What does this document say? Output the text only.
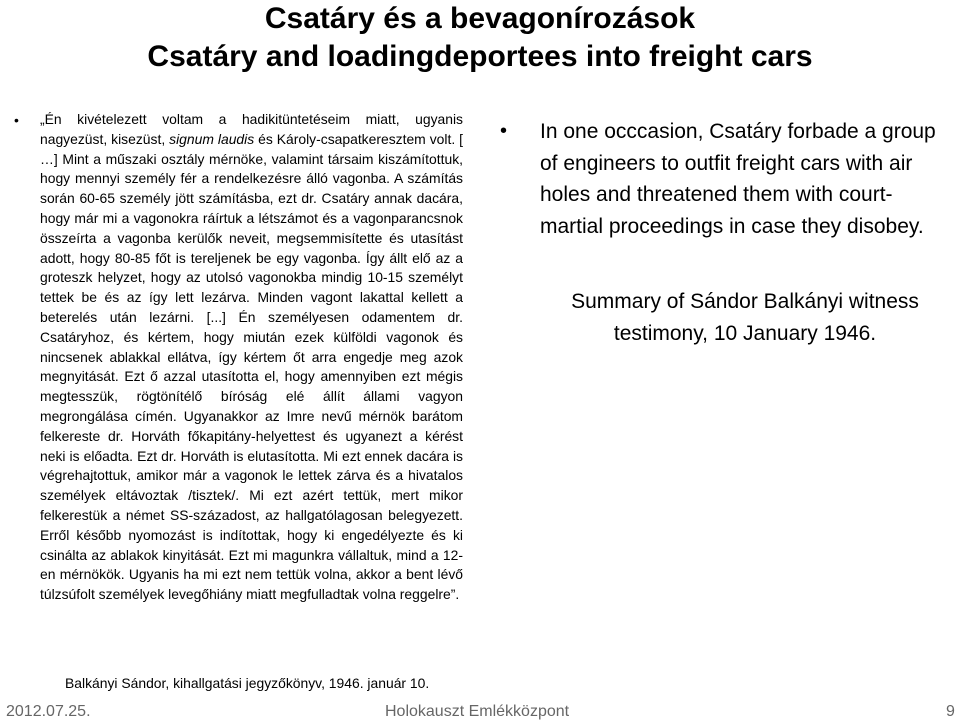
Csatáry és a bevagonírozások
Csatáry and loadingdeportees into freight cars
• „Én kivételezett voltam a hadikitüntetéseim miatt, ugyanis nagyezüst, kisezüst, signum laudis és Károly-csapatkeresztem volt. [ …] Mint a műszaki osztály mérnöke, valamint társaim kiszámítottuk, hogy mennyi személy fér a rendelkezésre álló vagonba. A számítás során 60-65 személy jött számításba, ezt dr. Csatáry annak dacára, hogy már mi a vagonokra ráírtuk a létszámot és a vagonparancsnok összeírta a vagonba kerülők neveit, megsemmisítette és utasítást adott, hogy 80-85 főt is tereljenek be egy vagonba. Így állt elő az a groteszk helyzet, hogy az utolsó vagonokba mindig 10-15 személyt tettek be és az így lett lezárva. Minden vagont lakattal kellett a beterelés után lezárni. [...] Én személyesen odamentem dr. Csatáryhoz, és kértem, hogy miután ezek külföldi vagonok és nincsenek ablakkal ellátva, így kértem őt arra engedje meg azok megnyitását. Ezt ő azzal utasította el, hogy amennyiben ezt mégis megtesszük, rögtönítélő bíróság elé állít állami vagyon megrongálása címén. Ugyanakkor az Imre nevű mérnök barátom felkereste dr. Horváth főkapitány-helyettest és ugyanezt a kérést neki is előadta. Ezt dr. Horváth is elutasította. Mi ezt ennek dacára is végrehajtottuk, amikor már a vagonok le lettek zárva és a hivatalos személyek eltávoztak /tisztek/. Mi ezt azért tettük, mert mikor felkerestük a német SS-századost, az hallgatólagosan belegyezett. Erről később nyomozást is indítottak, hogy ki engedélyezte és ki csinálta az ablakok kinyitását. Ezt mi magunkra vállaltuk, mind a 12-en mérnökök. Ugyanis ha mi ezt nem tettük volna, akkor a bent lévő túlzsúfolt személyek levegőhiány miatt megfulladtak volna reggelre”.
Balkányi Sándor, kihallgatási jegyzőkönyv, 1946. január 10.
• In one occcasion, Csatáry forbade a group of engineers to outfit freight cars with air holes and threatened them with court-martial proceedings in case they disobey.
Summary of Sándor Balkányi witness testimony, 10 January 1946.
2012.07.25.	Holokauszt Emlékközpont	9
